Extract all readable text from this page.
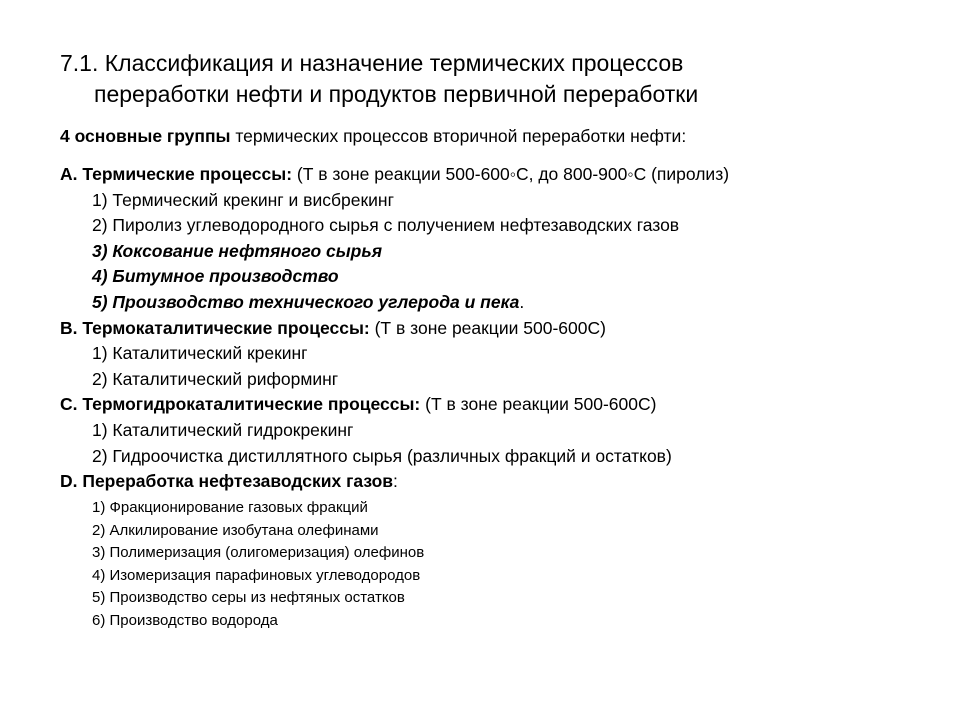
7.1. Классификация и назначение термических процессов
переработки нефти и продуктов первичной переработки
4 основные группы термических процессов вторичной переработки нефти:
A. Термические процессы: (Т в зоне реакции 500-600◦С, до 800-900◦С (пиролиз)
1) Термический крекинг и висбрекинг
2) Пиролиз углеводородного сырья с получением нефтезаводских газов
3) Коксование нефтяного сырья
4) Битумное производство
5) Производство технического углерода и пека.
B. Термокаталитические процессы: (Т в зоне реакции 500-600С)
1) Каталитический крекинг
2) Каталитический риформинг
C. Термогидрокаталитические процессы: (Т в зоне реакции 500-600С)
1) Каталитический гидрокрекинг
2) Гидроочистка дистиллятного сырья (различных фракций и остатков)
D. Переработка нефтезаводских газов:
1) Фракционирование газовых фракций
2) Алкилирование изобутана олефинами
3) Полимеризация (олигомеризация) олефинов
4) Изомеризация парафиновых углеводородов
5) Производство серы из нефтяных остатков
6) Производство водорода
